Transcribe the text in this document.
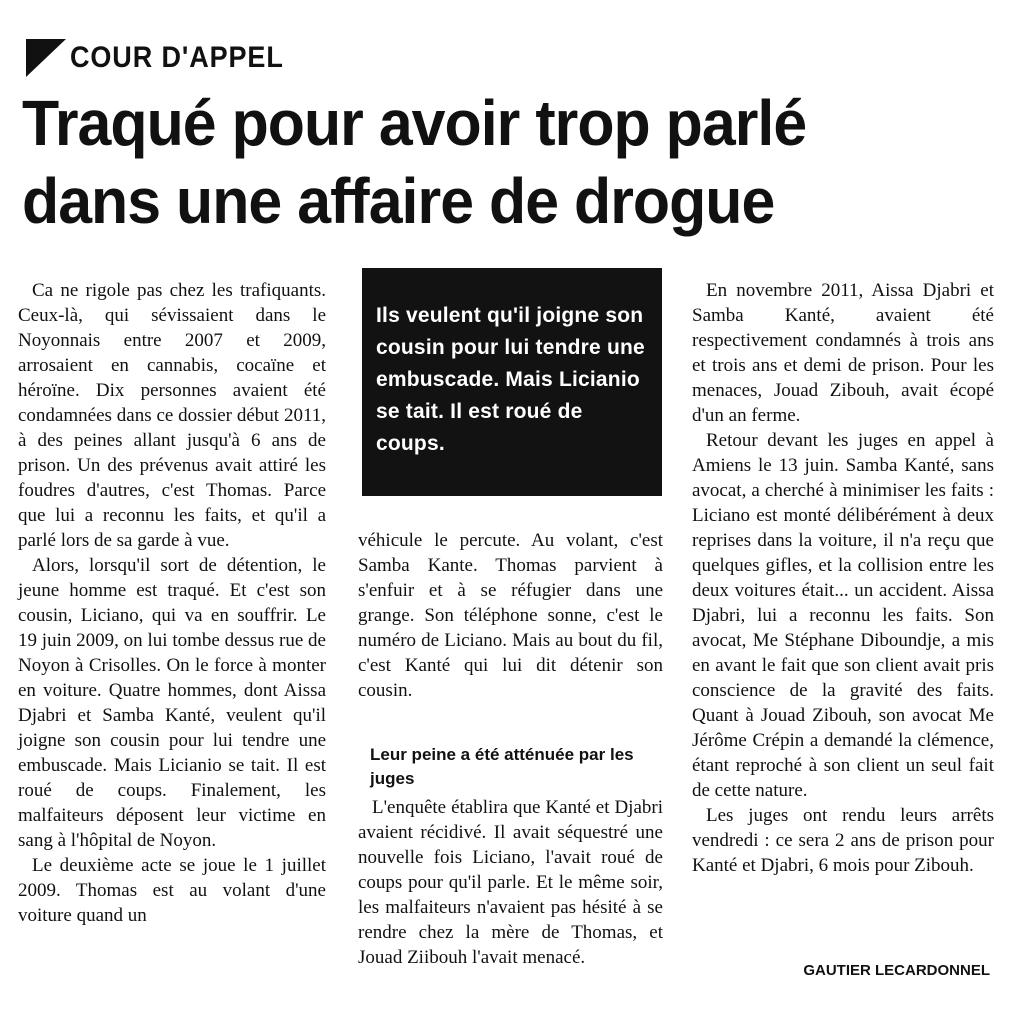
COUR D'APPEL
Traqué pour avoir trop parlé
dans une affaire de drogue

Ca ne rigole pas chez les trafiquants. Ceux-là, qui sévissaient dans le Noyonnais entre 2007 et 2009, arrosaient en cannabis, cocaïne et héroïne. Dix personnes avaient été condamnées dans ce dossier début 2011, à des peines allant jusqu'à 6 ans de prison. Un des prévenus avait attiré les foudres d'autres, c'est Thomas. Parce que lui a reconnu les faits, et qu'il a parlé lors de sa garde à vue.

Alors, lorsqu'il sort de détention, le jeune homme est traqué. Et c'est son cousin, Liciano, qui va en souffrir. Le 19 juin 2009, on lui tombe dessus rue de Noyon à Crisolles. On le force à monter en voiture. Quatre hommes, dont Aissa Djabri et Samba Kanté, veulent qu'il joigne son cousin pour lui tendre une embuscade. Mais Licianio se tait. Il est roué de coups. Finalement, les malfaiteurs déposent leur victime en sang à l'hôpital de Noyon.

Le deuxième acte se joue le 1 juillet 2009. Thomas est au volant d'une voiture quand un

Ils veulent qu'il joigne son cousin pour lui tendre une embuscade. Mais Licianio se tait. Il est roué de coups.

véhicule le percute. Au volant, c'est Samba Kante. Thomas parvient à s'enfuir et à se réfugier dans une grange. Son téléphone sonne, c'est le numéro de Liciano. Mais au bout du fil, c'est Kanté qui lui dit détenir son cousin.

Leur peine a été atténuée par les juges

L'enquête établira que Kanté et Djabri avaient récidivé. Il avait séquestré une nouvelle fois Liciano, l'avait roué de coups pour qu'il parle. Et le même soir, les malfaiteurs n'avaient pas hésité à se rendre chez la mère de Thomas, et Jouad Ziibouh l'avait menacé.

En novembre 2011, Aissa Djabri et Samba Kanté, avaient été respectivement condamnés à trois ans et trois ans et demi de prison. Pour les menaces, Jouad Zibouh, avait écopé d'un an ferme.

Retour devant les juges en appel à Amiens le 13 juin. Samba Kanté, sans avocat, a cherché à minimiser les faits : Liciano est monté délibérément à deux reprises dans la voiture, il n'a reçu que quelques gifles, et la collision entre les deux voitures était... un accident. Aissa Djabri, lui a reconnu les faits. Son avocat, Me Stéphane Diboundje, a mis en avant le fait que son client avait pris conscience de la gravité des faits. Quant à Jouad Zibouh, son avocat Me Jérôme Crépin a demandé la clémence, étant reproché à son client un seul fait de cette nature.

Les juges ont rendu leurs arrêts vendredi : ce sera 2 ans de prison pour Kanté et Djabri, 6 mois pour Zibouh.

GAUTIER LECARDONNEL
